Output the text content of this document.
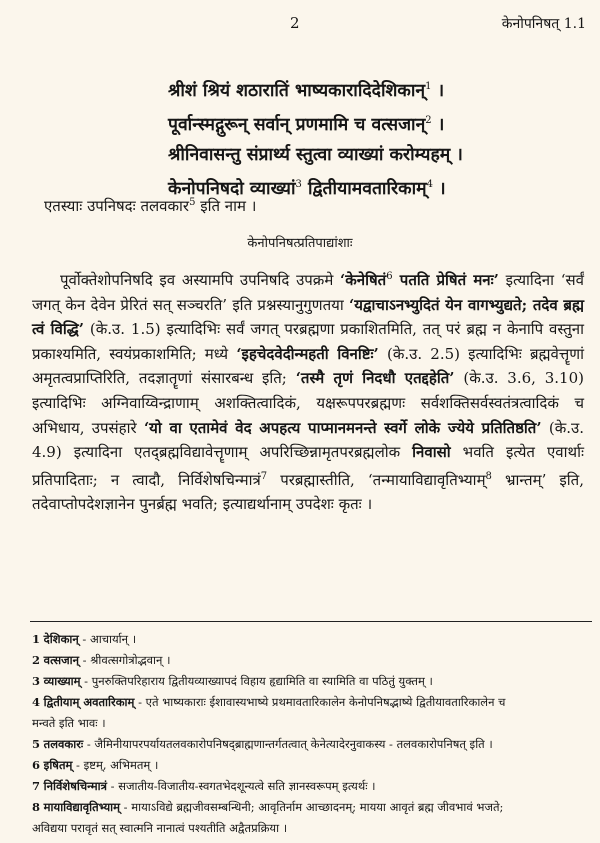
2	केनोपनिषत् 1.1
श्रीशं श्रियं शठारातिं भाष्यकारादिदेशिकान्$^1$ ।
पूर्वान्स्मद्गुरून् सर्वान् प्रणमामि च वत्सजान्$^2$ ।
श्रीनिवासन्तु संप्रार्थ्य स्तुत्वा व्याख्यां करोम्यहम् ।
केनोपनिषदो व्याख्यां$^3$ द्वितीयामवतारिकाम्$^4$ ।
एतस्याः उपनिषदः तलवकार$^5$ इति नाम ।
केनोपनिषत्प्रतिपाद्यांशाः

पूर्वोक्तेशोपनिषदि इव अस्यामपि उपनिषदि उपक्रमे ‘केनेषितं$^6$ पतति प्रेषितं मनः’ इत्यादिना ‘सर्वं जगत् केन देवेन प्रेरितं सत् सञ्चरति’ इति प्रश्नस्यानुगुणतया ‘यद्वाचाऽनभ्युदितं येन वागभ्युद्यते; तदेव ब्रह्म त्वं विद्धि’ (के.उ. 1.5) इत्यादिभिः सर्वं जगत् परब्रह्मणा प्रकाशितमिति, तत् परं ब्रह्म न केनापि वस्तुना प्रकाश्यमिति, स्वयंप्रकाशमिति; मध्ये ‘इहचेदवेदीन्महती विनष्टिः’ (के.उ. 2.5) इत्यादिभिः ब्रह्मवेत्तॄणां अमृतत्वप्राप्तिरिति, तदज्ञातॄणां संसारबन्ध इति; ‘तस्मै तृणं निदधौ एतद्दहेति’ (के.उ. 3.6, 3.10) इत्यादिभिः अग्निवाय्विन्द्राणाम् अशक्तित्वादिकं, यक्षरूपपरब्रह्मणः सर्वशक्तिसर्वस्वतंत्रत्वादिकं च अभिधाय, उपसंहारे ‘यो वा एतामेवं वेद अपहत्य पाप्मानमनन्ते स्वर्गे लोके ज्येये प्रतितिष्ठति’ (के.उ. 4.9) इत्यादिना एतद्ब्रह्मविद्यावेत्तॄणाम् अपरिच्छिन्नामृतपरब्रह्मलोक निवासो भवति इत्येत एवार्थाः प्रतिपादिताः; न त्वादौ, निर्विशेषचिन्मात्रं$^7$ परब्रह्मास्तीति, ‘तन्मायाविद्यावृतिभ्याम्$^8$ भ्रान्तम्’ इति, तदेवाप्तोपदेशज्ञानेन पुनर्ब्रह्म भवति; इत्याद्यर्थानाम् उपदेशः कृतः ।

1 देशिकान् - आचार्यान् ।
2 वत्सजान् - श्रीवत्सगोत्रोद्भवान् ।
3 व्याख्याम् - पुनरुक्तिपरिहाराय द्वितीयव्याख्यापदं विहाय हृद्यामिति वा स्यामिति वा पठितुं युक्तम् ।
4 द्वितीयाम् अवतारिकाम् - एते भाष्यकाराः ईशावास्यभाष्ये प्रथमावतारिकालेन केनोपनिषद्भाष्ये द्वितीयावतारिकालेन च
मन्वते इति भावः ।
5 तलवकारः - जैमिनीयापरपर्यायतलवकारोपनिषद्ब्राह्मणान्तर्गतत्वात् केनेत्यादेरनुवाकस्य - तलवकारोपनिषत् इति ।
6 इषितम् - इष्टम्, अभिमतम् ।
7 निर्विशेषचिन्मात्रं - सजातीय-विजातीय-स्वगतभेदशून्यत्वे सति ज्ञानस्वरूपम् इत्यर्थः ।
8 मायाविद्यावृतिभ्याम् - मायाऽविद्ये ब्रह्मजीवसम्बन्धिनी; आवृतिर्नाम आच्छादनम्; मायया आवृतं ब्रह्म जीवभावं भजते;
अविद्यया परावृतं सत् स्वात्मनि नानात्वं पश्यतीति अद्वैतप्रक्रिया ।
